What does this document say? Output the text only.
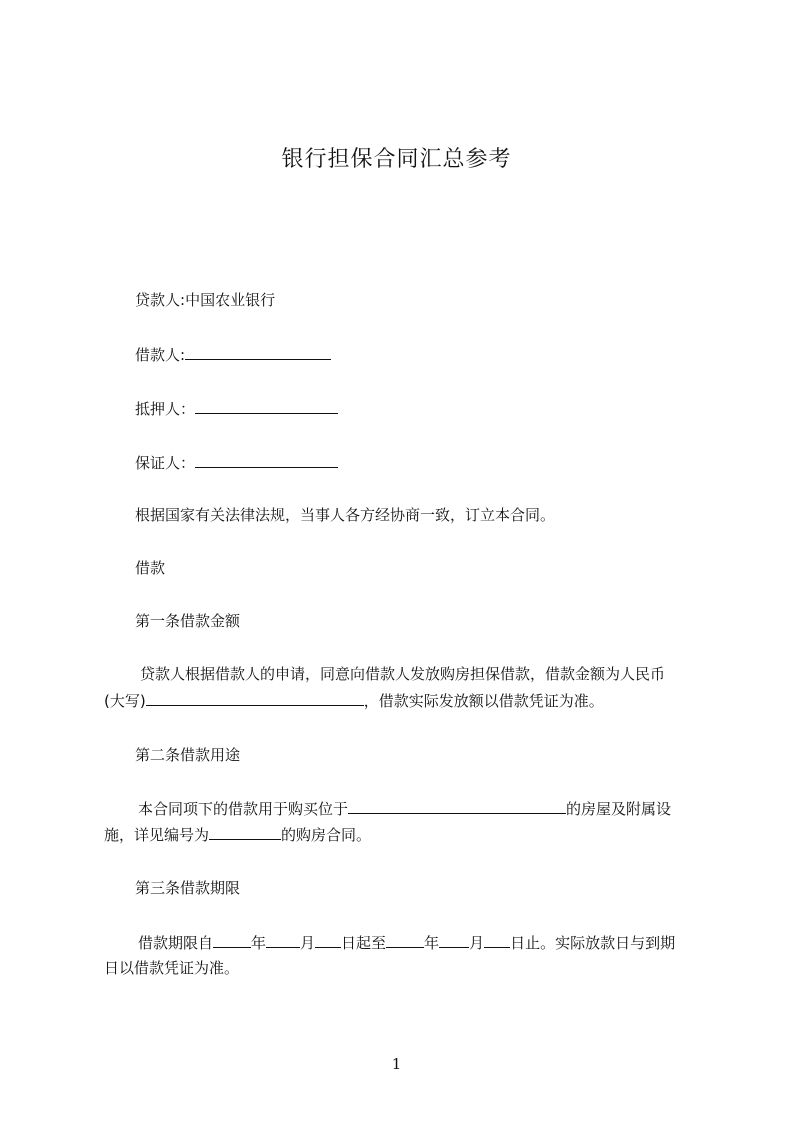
银行担保合同汇总参考
贷款人:中国农业银行
借款人:
抵押人：
保证人：
根据国家有关法律法规，当事人各方经协商一致，订立本合同。
借款
第一条借款金额
贷款人根据借款人的申请，同意向借款人发放购房担保借款，借款金额为人民币
(大写)	，借款实际发放额以借款凭证为准。
第二条借款用途
本合同项下的借款用于购买位于	的房屋及附属设
施，详见编号为	的购房合同。
第三条借款期限
借款期限自	年 月 日起至	年 月 日止。实际放款日与到期
日以借款凭证为准。
1
